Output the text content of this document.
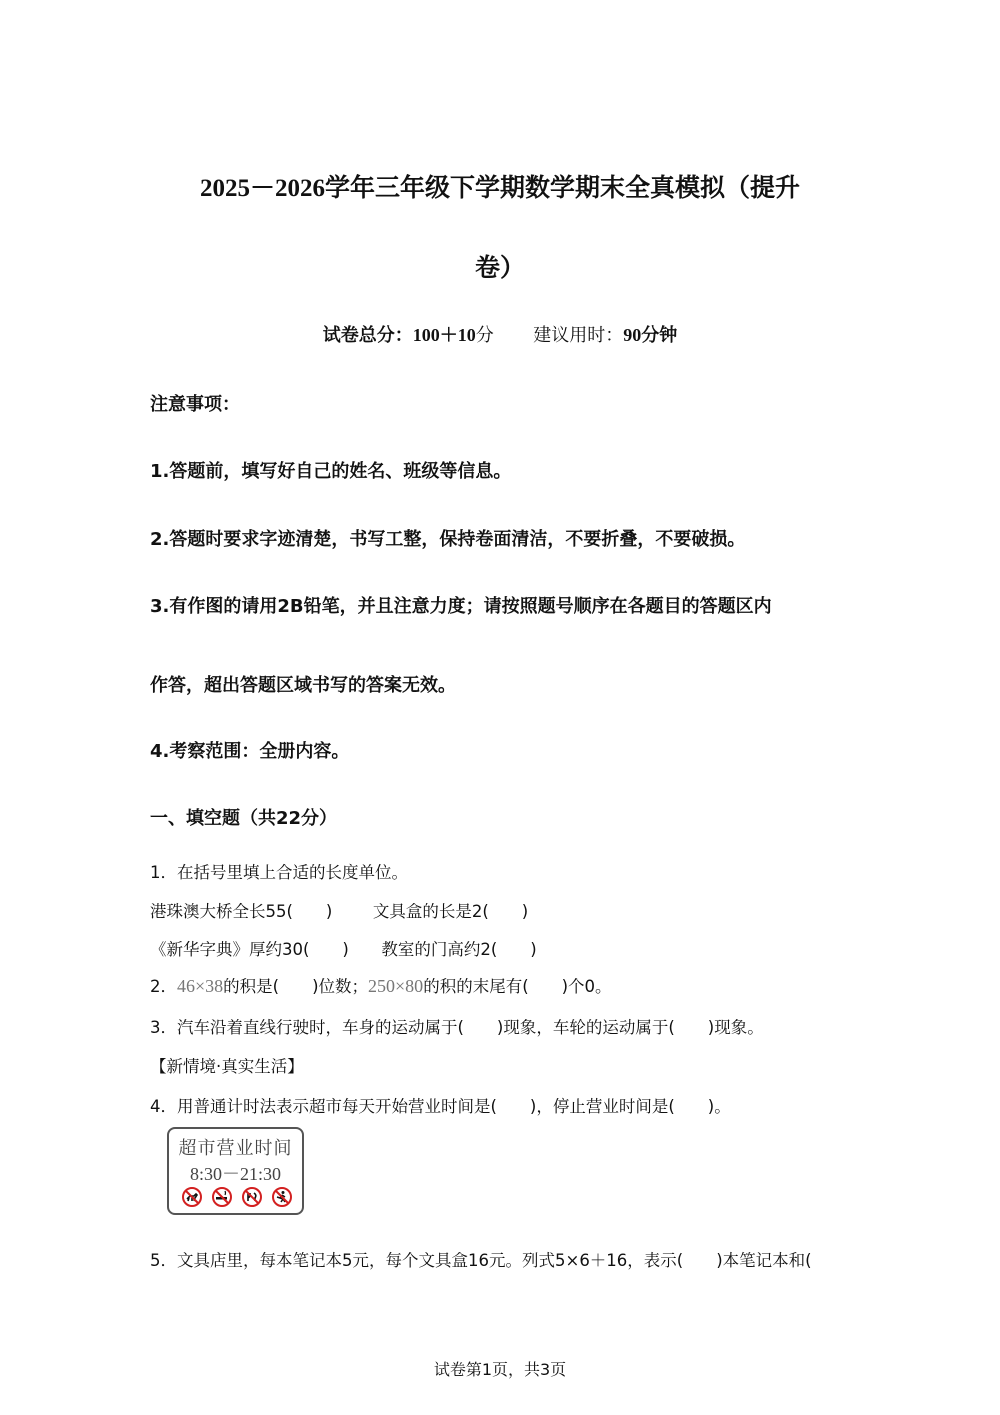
2025－2026学年三年级下学期数学期末全真模拟（提升
卷）
试卷总分：100＋10分 建议用时：90分钟
注意事项：
1.答题前，填写好自己的姓名、班级等信息。
2.答题时要求字迹清楚，书写工整，保持卷面清洁，不要折叠，不要破损。
3.有作图的请用2B铅笔，并且注意力度；请按照题号顺序在各题目的答题区内
作答，超出答题区域书写的答案无效。
4.考察范围：全册内容。
一、填空题（共22分）
1．在括号里填上合适的长度单位。
港珠澳大桥全长55(　　) 文具盒的长是2(　　)
《新华字典》厚约30(　　) 教室的门高约2(　　)
2．46×38的积是(　　)位数；250×80的积的末尾有(　　)个0。
3．汽车沿着直线行驶时，车身的运动属于(　　)现象，车轮的运动属于(　　)现象。
【新情境·真实生活】
4．用普通计时法表示超市每天开始营业时间是(　　)，停止营业时间是(　　)。
超市营业时间
8:30－21:30
5．文具店里，每本笔记本5元，每个文具盒16元。列式5×6＋16，表示(　　)本笔记本和(
试卷第1页，共3页
